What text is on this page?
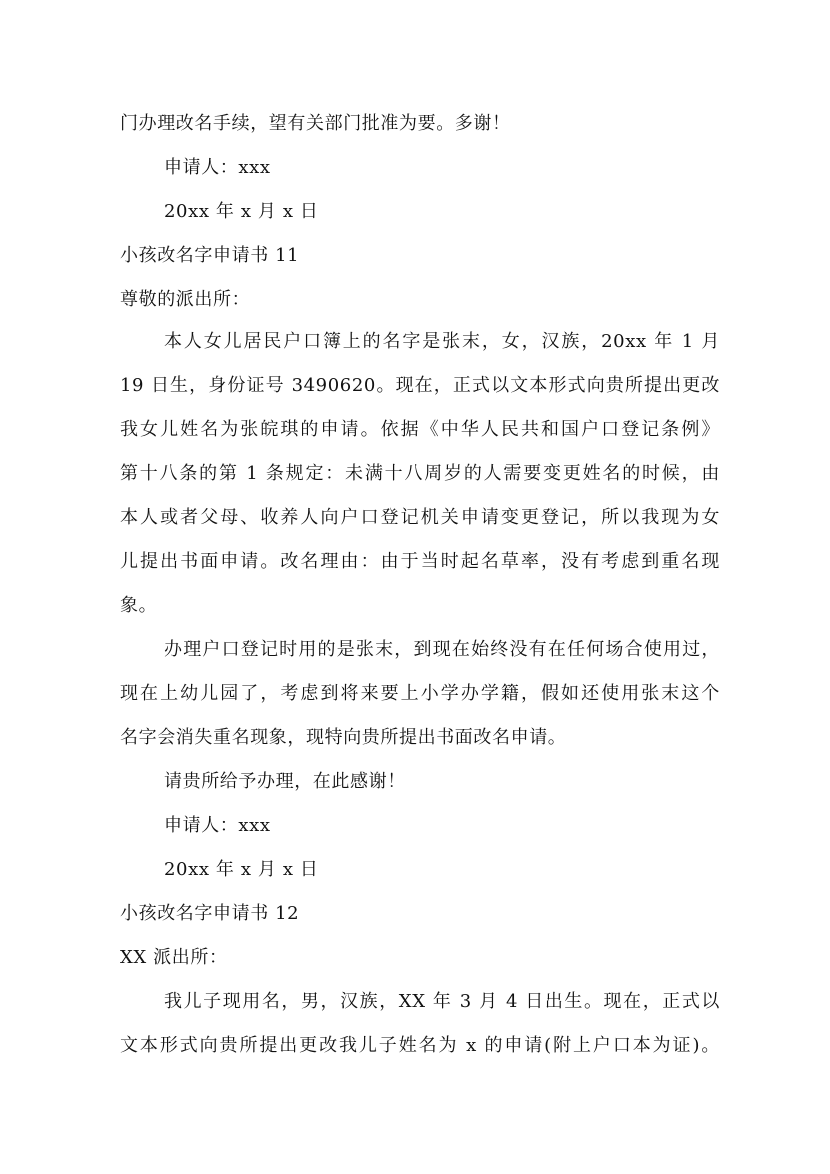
​
​
门办理改名手续，望有关部门批准为要。多谢！
申请人：xxx
20xx 年 x 月 x 日
小孩改名字申请书 11
尊敬的派出所：
本人女儿居民户口簿上的名字是张末，女，汉族，20xx 年 1 月
19 日生，身份证号 3490620。现在，正式以文本形式向贵所提出更改
我女儿姓名为张皖琪的申请。依据《中华人民共和国户口登记条例》
第十八条的第 1 条规定：未满十八周岁的人需要变更姓名的时候，由
本人或者父母、收养人向户口登记机关申请变更登记，所以我现为女
儿提出书面申请。改名理由：由于当时起名草率，没有考虑到重名现
象。
办理户口登记时用的是张末，到现在始终没有在任何场合使用过，
现在上幼儿园了，考虑到将来要上小学办学籍，假如还使用张末这个
名字会消失重名现象，现特向贵所提出书面改名申请。
请贵所给予办理，在此感谢！
申请人：xxx
20xx 年 x 月 x 日
小孩改名字申请书 12
XX 派出所：
我儿子现用名，男，汉族，XX 年 3 月 4 日出生。现在，正式以
文本形式向贵所提出更改我儿子姓名为 x 的申请(附上户口本为证)。
